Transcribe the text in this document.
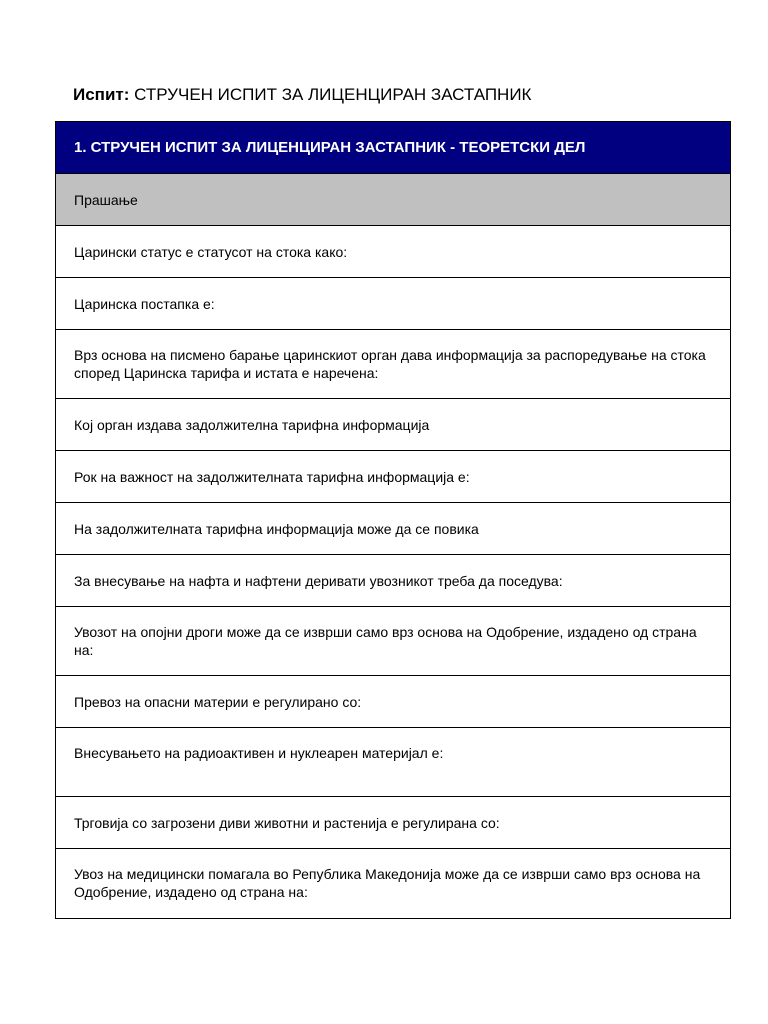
Испит: СТРУЧЕН ИСПИТ ЗА ЛИЦЕНЦИРАН ЗАСТАПНИК
1. СТРУЧЕН ИСПИТ ЗА ЛИЦЕНЦИРАН ЗАСТАПНИК - ТЕОРЕТСКИ ДЕЛ
Прашање
Царински статус е статусот на стока како:
Царинска постапка е:
Врз основа на писмено барање царинскиот орган дава информација за распоредување на стока според Царинска тарифа и истата е наречена:
Кој орган издава задолжителна тарифна информација
Рок на важност на задолжителната тарифна информација е:
На задолжителната тарифна информација може да се повика
За внесување на нафта и нафтени деривати увозникот треба да поседува:
Увозот на опојни дроги може да се изврши само врз основа на Одобрение, издадено од страна на:
Превоз на опасни материи е регулирано со:
Внесувањето на радиоактивен и нуклеарен материјал е:
Трговија со загрозени диви животни и растенија е регулирана со:
Увоз на медицински помагала во Република Македонија може да се изврши само врз основа на Одобрение, издадено од страна на:
